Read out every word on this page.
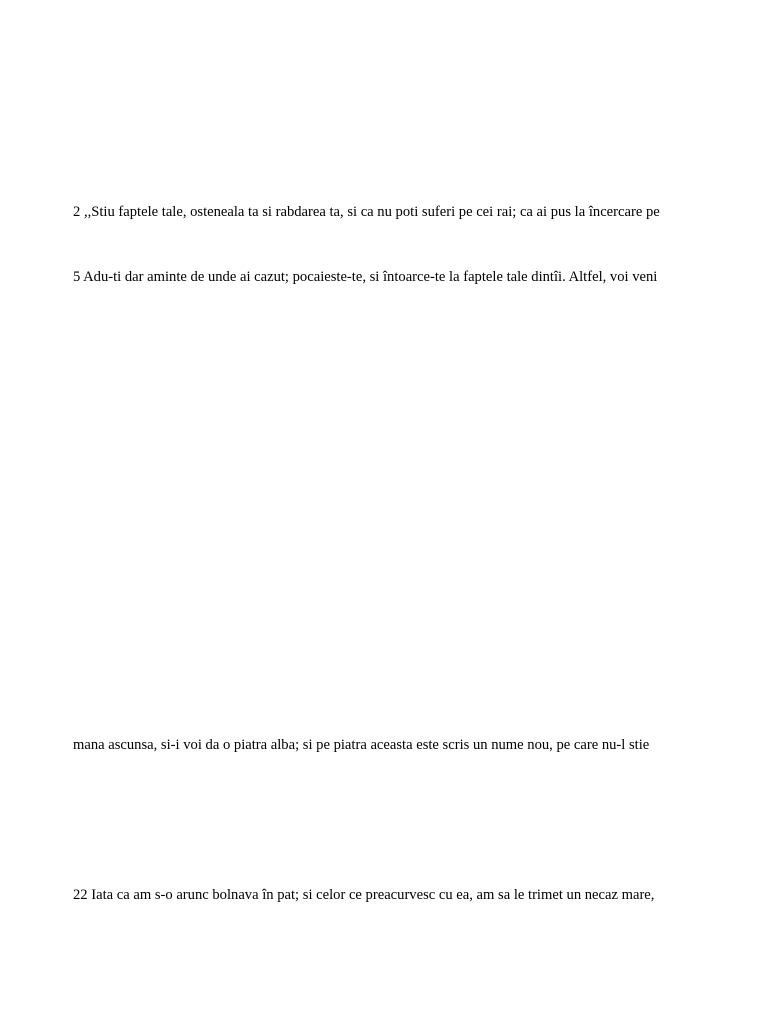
2 ,,Stiu faptele tale, osteneala ta si rabdarea ta, si ca nu poti suferi pe cei rai; ca ai pus la încercare pe
5 Adu-ti dar aminte de unde ai cazut; pocaieste-te, si întoarce-te la faptele tale dintîi. Altfel, voi veni
mana ascunsa, si-i voi da o piatra alba; si pe piatra aceasta este scris un nume nou, pe care nu-l stie
22 Iata ca am s-o arunc bolnava în pat; si celor ce preacurvesc cu ea, am sa le trimet un necaz mare,
